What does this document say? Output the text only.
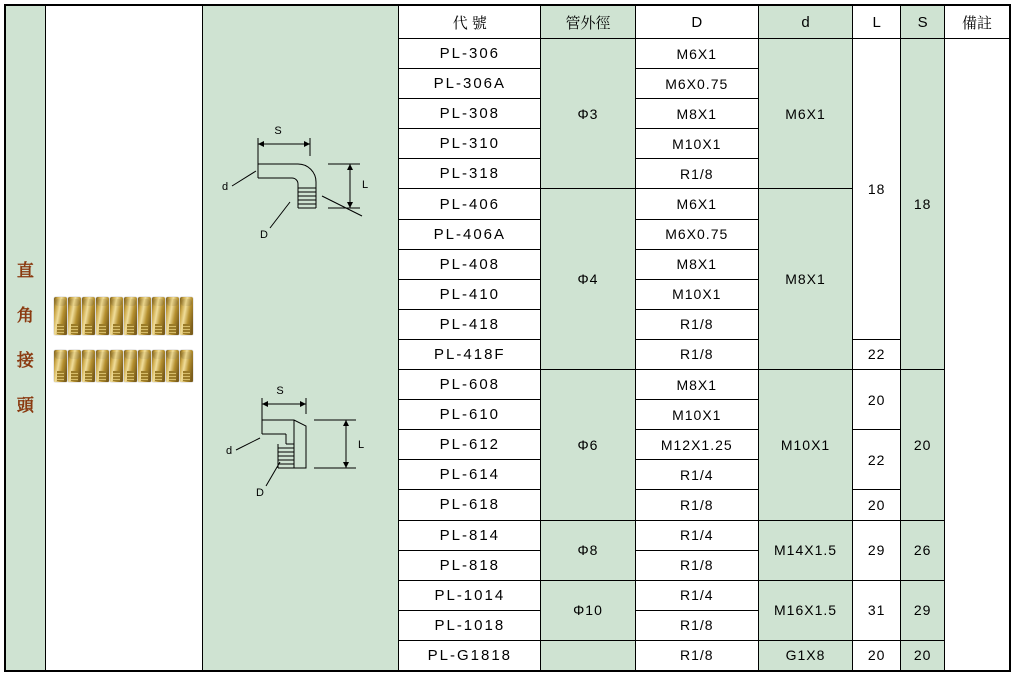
直
角
接
頭

S
L
d
D
S
L
d
D
	代 號	管外徑	D	d	L	S	備註
			PL-306	Φ3	M6X1	M6X1	18	18	
			PL-306A		M6X0.75				
			PL-308		M8X1				
			PL-310		M10X1				
			PL-318		R1/8				
			PL-406	Φ4	M6X1	M8X1			
			PL-406A		M6X0.75				
			PL-408		M8X1				
			PL-410		M10X1				
			PL-418		R1/8				
			PL-418F		R1/8		22		
			PL-608	Φ6	M8X1	M10X1	20	20	
			PL-610		M10X1				
			PL-612		M12X1.25		22		
			PL-614		R1/4				
			PL-618		R1/8		20		
			PL-814	Φ8	R1/4	M14X1.5	29	26	
			PL-818		R1/8				
			PL-1014	Φ10	R1/4	M16X1.5	31	29	
			PL-1018		R1/8				
			PL-G1818		R1/8	G1X8	20	20	
